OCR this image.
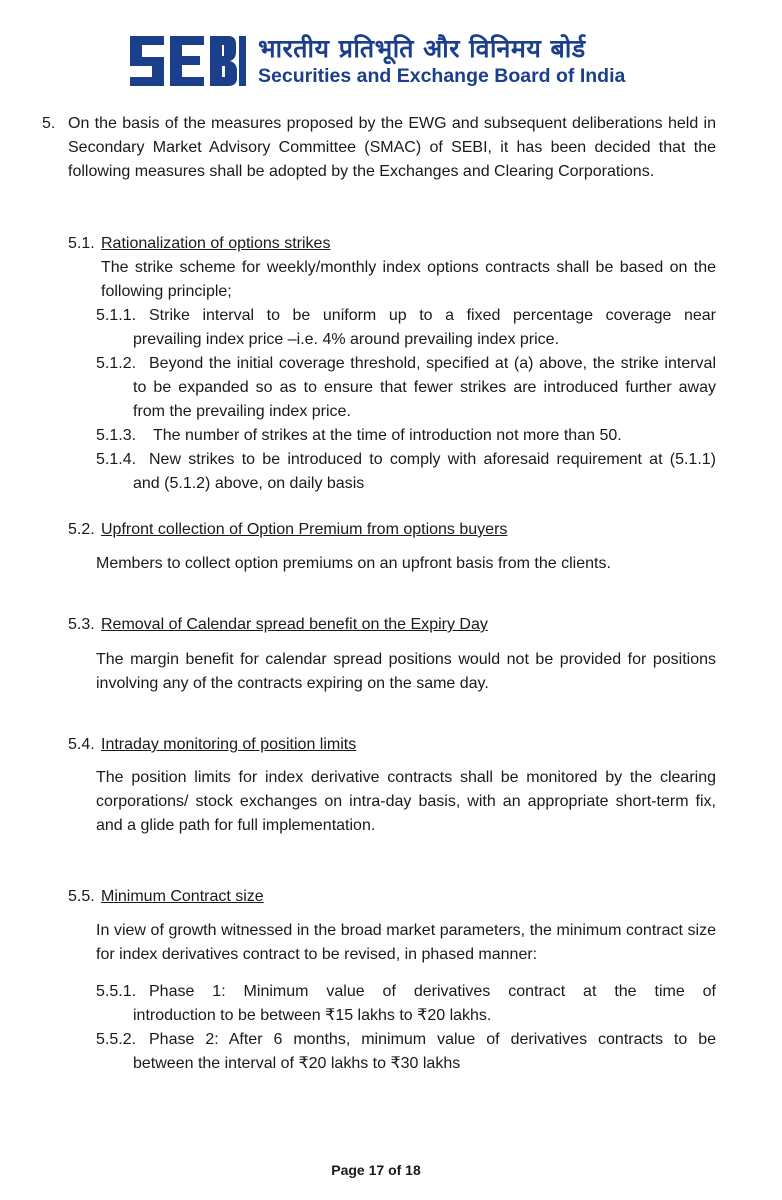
भारतीय प्रतिभूति और विनिमय बोर्ड
Securities and Exchange Board of India
5. On the basis of the measures proposed by the EWG and subsequent deliberations held in Secondary Market Advisory Committee (SMAC) of SEBI, it has been decided that the following measures shall be adopted by the Exchanges and Clearing Corporations.
5.1. Rationalization of options strikes
The strike scheme for weekly/monthly index options contracts shall be based on the following principle;
5.1.1. Strike interval to be uniform up to a fixed percentage coverage near
prevailing index price –i.e. 4% around prevailing index price.
5.1.2. Beyond the initial coverage threshold, specified at (a) above, the strike interval to be expanded so as to ensure that fewer strikes are introduced further away from the prevailing index price.
5.1.3. The number of strikes at the time of introduction not more than 50.
5.1.4. New strikes to be introduced to comply with aforesaid requirement at (5.1.1) and (5.1.2) above, on daily basis
5.2. Upfront collection of Option Premium from options buyers
Members to collect option premiums on an upfront basis from the clients.
5.3. Removal of Calendar spread benefit on the Expiry Day
The margin benefit for calendar spread positions would not be provided for positions involving any of the contracts expiring on the same day.
5.4. Intraday monitoring of position limits
The position limits for index derivative contracts shall be monitored by the clearing corporations/ stock exchanges on intra-day basis, with an appropriate short-term fix, and a glide path for full implementation.
5.5. Minimum Contract size
In view of growth witnessed in the broad market parameters, the minimum contract size for index derivatives contract to be revised, in phased manner:
5.5.1. Phase 1: Minimum value of derivatives contract at the time of
introduction to be between ₹15 lakhs to ₹20 lakhs.
5.5.2. Phase 2: After 6 months, minimum value of derivatives contracts to be
between the interval of ₹20 lakhs to ₹30 lakhs
Page 17 of 18
